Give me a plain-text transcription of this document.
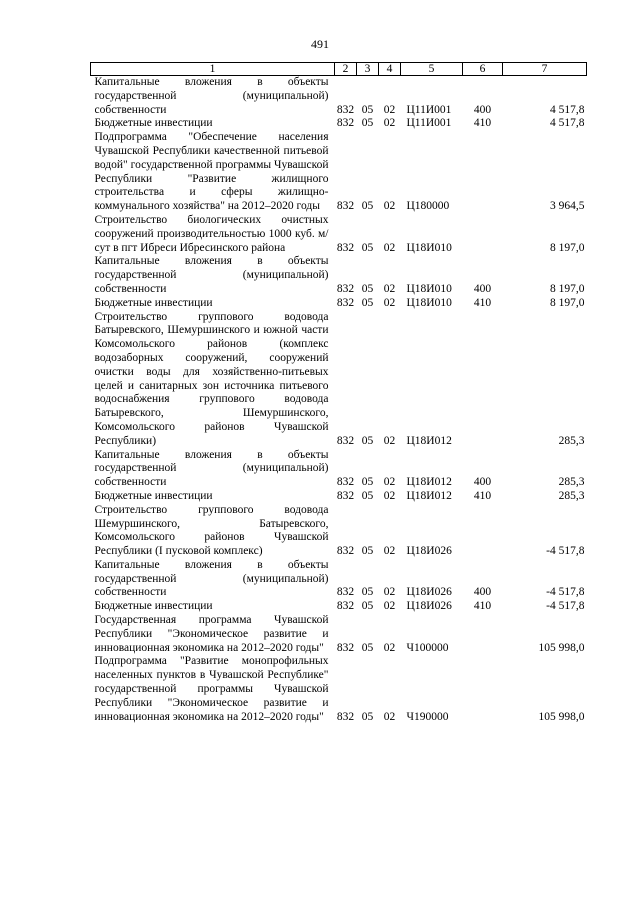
491
1	2	3	4	5	6	7
Капитальные вложения в объекты государственной (муниципальной) собственности	832	05	02	Ц11И001	400	4 517,8
Бюджетные инвестиции	832	05	02	Ц11И001	410	4 517,8
Подпрограмма "Обеспечение населения Чувашской Республики качественной питьевой водой" государственной программы Чувашской Республики "Развитие жилищного строительства и сферы жилищно-коммунального хозяйства" на 2012–2020 годы	832	05	02	Ц180000		3 964,5
Строительство биологических очистных сооружений производительностью 1000 куб. м/сут в пгт Ибреси Ибресинского района	832	05	02	Ц18И010		8 197,0
Капитальные вложения в объекты государственной (муниципальной) собственности	832	05	02	Ц18И010	400	8 197,0
Бюджетные инвестиции	832	05	02	Ц18И010	410	8 197,0
Строительство группового водовода Батыревского, Шемуршинского и южной части Комсомольского районов (комплекс водозаборных сооружений, сооружений очистки воды для хозяйственно-питьевых целей и санитарных зон источника питьевого водоснабжения группового водовода Батыревского, Шемуршинского, Комсомольского районов Чувашской Республики)	832	05	02	Ц18И012		285,3
Капитальные вложения в объекты государственной (муниципальной) собственности	832	05	02	Ц18И012	400	285,3
Бюджетные инвестиции	832	05	02	Ц18И012	410	285,3
Строительство группового водовода Шемуршинского, Батыревского, Комсомольского районов Чувашской Республики (I пусковой комплекс)	832	05	02	Ц18И026		-4 517,8
Капитальные вложения в объекты государственной (муниципальной) собственности	832	05	02	Ц18И026	400	-4 517,8
Бюджетные инвестиции	832	05	02	Ц18И026	410	-4 517,8
Государственная программа Чувашской Республики "Экономическое развитие и инновационная экономика на 2012–2020 годы"	832	05	02	Ч100000		105 998,0
Подпрограмма "Развитие монопрофильных населенных пунктов в Чувашской Республике" государственной программы Чувашской Республики "Экономическое развитие и инновационная экономика на 2012–2020 годы"	832	05	02	Ч190000		105 998,0
